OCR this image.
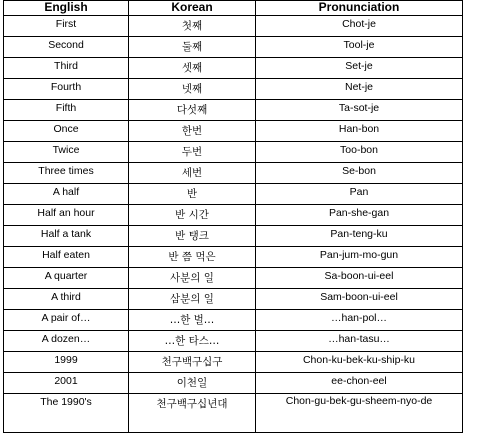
English	Korean	Pronunciation
First	첫째	Chot-je
Second	둘째	Tool-je
Third	셋째	Set-je
Fourth	넷째	Net-je
Fifth	다섯째	Ta-sot-je
Once	한번	Han-bon
Twice	두번	Too-bon
Three times	세번	Se-bon
A half	반	Pan
Half an hour	반 시간	Pan-she-gan
Half a tank	반 탱크	Pan-teng-ku
Half eaten	반 쯤 먹은	Pan-jum-mo-gun
A quarter	사분의 일	Sa-boon-ui-eel
A third	삼분의 일	Sam-boon-ui-eel
A pair of…	…한 벌…	…han-pol…
A dozen…	…한 타스…	…han-tasu…
1999	천구백구십구	Chon-ku-bek-ku-ship-ku
2001	이천일	ee-chon-eel
The 1990's	천구백구십년대	Chon-gu-bek-gu-sheem-nyo-de
